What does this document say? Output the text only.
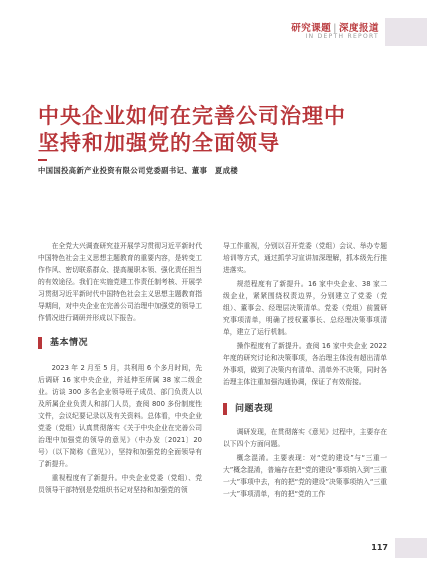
研究课题 | 深度报道
IN DEPTH REPORT
中央企业如何在完善公司治理中
坚持和加强党的全面领导
中国国投高新产业投资有限公司党委副书记、董事　夏成楼

在全党大兴调查研究並开展学习贯彻习近平新时代中国特色社会主义思想主题教育的重要内容，是转变工作作风、密切联系群众、提高履职本领、强化责任担当的有效途径。我们在实施党建工作责任制考核、开展学习贯彻习近平新时代中国特色社会主义思想主题教育指导期间，对中央企业在完善公司治理中加强党的领导工作情况进行调研并形成以下报告。

基本情况

2023 年 2 月至 5 月，共利用 6 个多月时间，先后调研 16 家中央企业，并延伸至所属 38 家二级企业。访谈 300 多名企业领导班子成员、部门负责人以及所属企业负责人和部门人员，查阅 800 多份制度性文件，会议纪要记录以及有关资料。总体看，中央企业党委（党组）认真贯彻落实《关于中央企业在完善公司治理中加强党的领导的意见》（中办发〔2021〕20 号）（以下简称《意见》），坚持和加强党的全面领导有了新提升。

重视程度有了新提升。中央企业党委（党组）、党员领导干部特别是党组织书记对坚持和加强党的领

导工作重视，分别以召开党委（党组）会议、举办专题培训等方式，通过抓学习宣讲加深理解，抓本级先行推进落实。

规范程度有了新提升。16 家中央企业、38 家二级企业，紧紧围绕权责边界，分别建立了党委（党组）、董事会、经理层决策清单。党委（党组）前置研究事项清单，明确了授权董事长、总经理决策事项清单，建立了运行机制。

操作程度有了新提升。查阅 16 家中央企业 2022 年度的研究讨论和决策事项，各治理主体没有超出清单外事项，做到了决策内有清单、清单外不决策，同时各治理主体注重加强沟通协调，保证了有效衔接。

问题表现

调研发现，在贯彻落实《意见》过程中，主要存在以下四个方面问题。

概念混淆。主要表现：对“党的建设”与“三重一大”概念混淆，普遍存在把“党的建设”事项纳入到“三重一大”事项中去，有的把“党的建设”决策事项纳入“三重一大”事项清单，有的把“党的工作

117
